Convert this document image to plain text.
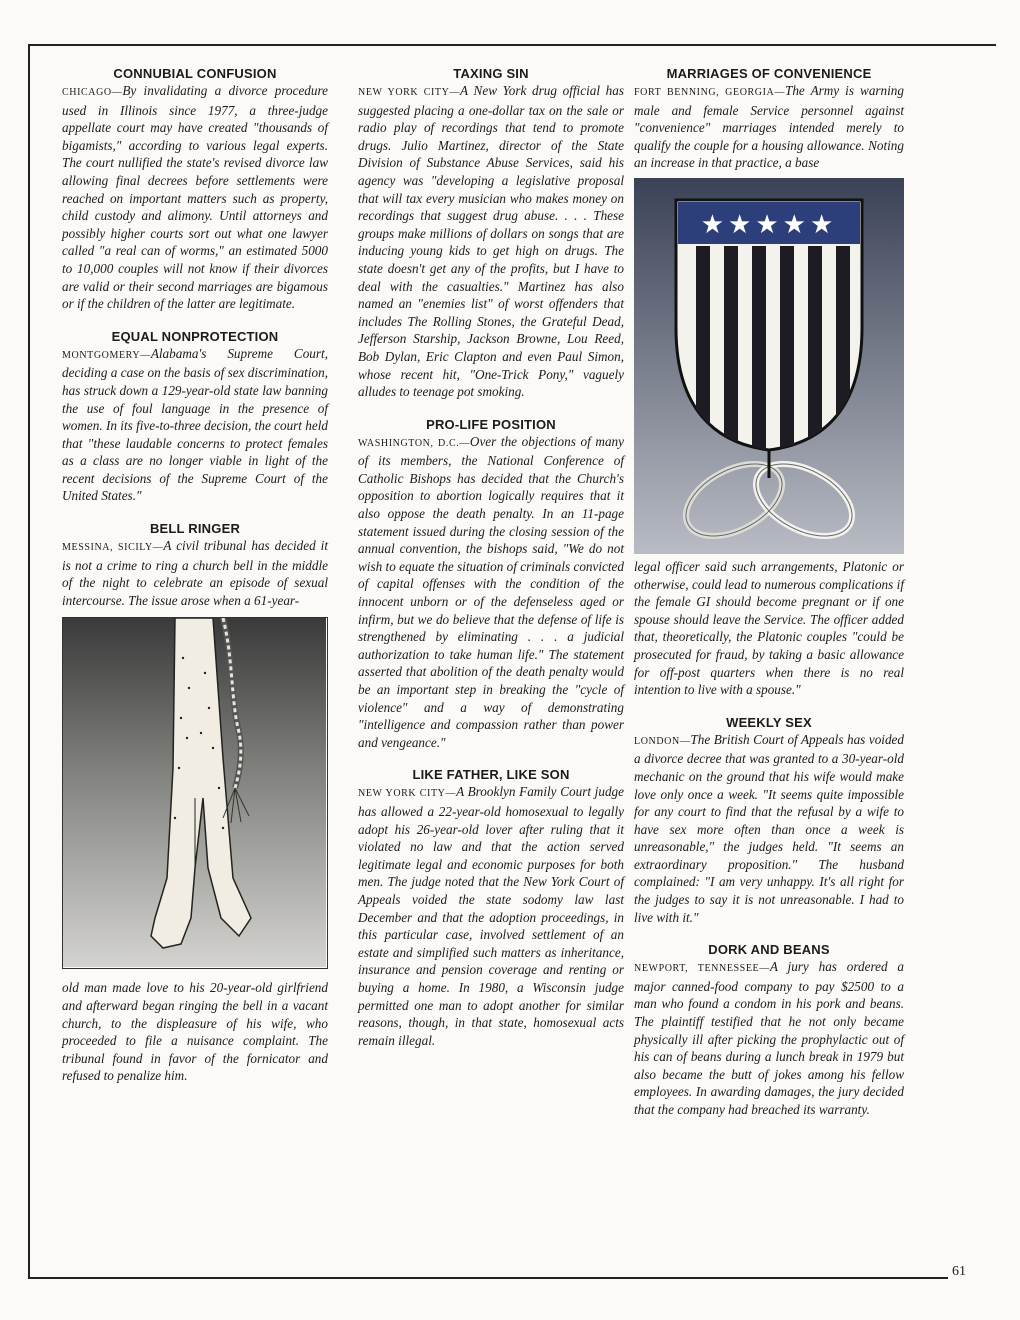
CONNUBIAL CONFUSION

CHICAGO—By invalidating a divorce procedure used in Illinois since 1977, a three-judge appellate court may have created "thousands of bigamists," according to various legal experts. The court nullified the state's revised divorce law allowing final decrees before settlements were reached on important matters such as property, child custody and alimony. Until attorneys and possibly higher courts sort out what one lawyer called "a real can of worms," an estimated 5000 to 10,000 couples will not know if their divorces are valid or their second marriages are bigamous or if the children of the latter are legitimate.

EQUAL NONPROTECTION

MONTGOMERY—Alabama's Supreme Court, deciding a case on the basis of sex discrimination, has struck down a 129-year-old state law banning the use of foul language in the presence of women. In its five-to-three decision, the court held that "these laudable concerns to protect females as a class are no longer viable in light of the recent decisions of the Supreme Court of the United States."

BELL RINGER

MESSINA, SICILY—A civil tribunal has decided it is not a crime to ring a church bell in the middle of the night to celebrate an episode of sexual intercourse. The issue arose when a 61-year-

old man made love to his 20-year-old girlfriend and afterward began ringing the bell in a vacant church, to the displeasure of his wife, who proceeded to file a nuisance complaint. The tribunal found in favor of the fornicator and refused to penalize him.

TAXING SIN

NEW YORK CITY—A New York drug official has suggested placing a one-dollar tax on the sale or radio play of recordings that tend to promote drugs. Julio Martinez, director of the State Division of Substance Abuse Services, said his agency was "developing a legislative proposal that will tax every musician who makes money on recordings that suggest drug abuse. . . . These groups make millions of dollars on songs that are inducing young kids to get high on drugs. The state doesn't get any of the profits, but I have to deal with the casualties." Martinez has also named an "enemies list" of worst offenders that includes The Rolling Stones, the Grateful Dead, Jefferson Starship, Jackson Browne, Lou Reed, Bob Dylan, Eric Clapton and even Paul Simon, whose recent hit, "One-Trick Pony," vaguely alludes to teenage pot smoking.

PRO-LIFE POSITION

WASHINGTON, D.C.—Over the objections of many of its members, the National Conference of Catholic Bishops has decided that the Church's opposition to abortion logically requires that it also oppose the death penalty. In an 11-page statement issued during the closing session of the annual convention, the bishops said, "We do not wish to equate the situation of criminals convicted of capital offenses with the condition of the innocent unborn or of the defenseless aged or infirm, but we do believe that the defense of life is strengthened by eliminating . . . a judicial authorization to take human life." The statement asserted that abolition of the death penalty would be an important step in breaking the "cycle of violence" and a way of demonstrating "intelligence and compassion rather than power and vengeance."

LIKE FATHER, LIKE SON

NEW YORK CITY—A Brooklyn Family Court judge has allowed a 22-year-old homosexual to legally adopt his 26-year-old lover after ruling that it violated no law and that the action served legitimate legal and economic purposes for both men. The judge noted that the New York Court of Appeals voided the state sodomy law last December and that the adoption proceedings, in this particular case, involved settlement of an estate and simplified such matters as inheritance, insurance and pension coverage and renting or buying a home. In 1980, a Wisconsin judge permitted one man to adopt another for similar reasons, though, in that state, homosexual acts remain illegal.

MARRIAGES OF CONVENIENCE

FORT BENNING, GEORGIA—The Army is warning male and female Service personnel against "convenience" marriages intended merely to qualify the couple for a housing allowance. Noting an increase in that practice, a base

★★★★★

legal officer said such arrangements, Platonic or otherwise, could lead to numerous complications if the female GI should become pregnant or if one spouse should leave the Service. The officer added that, theoretically, the Platonic couples "could be prosecuted for fraud, by taking a basic allowance for off-post quarters when there is no real intention to live with a spouse."

WEEKLY SEX

LONDON—The British Court of Appeals has voided a divorce decree that was granted to a 30-year-old mechanic on the ground that his wife would make love only once a week. "It seems quite impossible for any court to find that the refusal by a wife to have sex more often than once a week is unreasonable," the judges held. "It seems an extraordinary proposition." The husband complained: "I am very unhappy. It's all right for the judges to say it is not unreasonable. I had to live with it."

DORK AND BEANS

NEWPORT, TENNESSEE—A jury has ordered a major canned-food company to pay $2500 to a man who found a condom in his pork and beans. The plaintiff testified that he not only became physically ill after picking the prophylactic out of his can of beans during a lunch break in 1979 but also became the butt of jokes among his fellow employees. In awarding damages, the jury decided that the company had breached its warranty.

61
